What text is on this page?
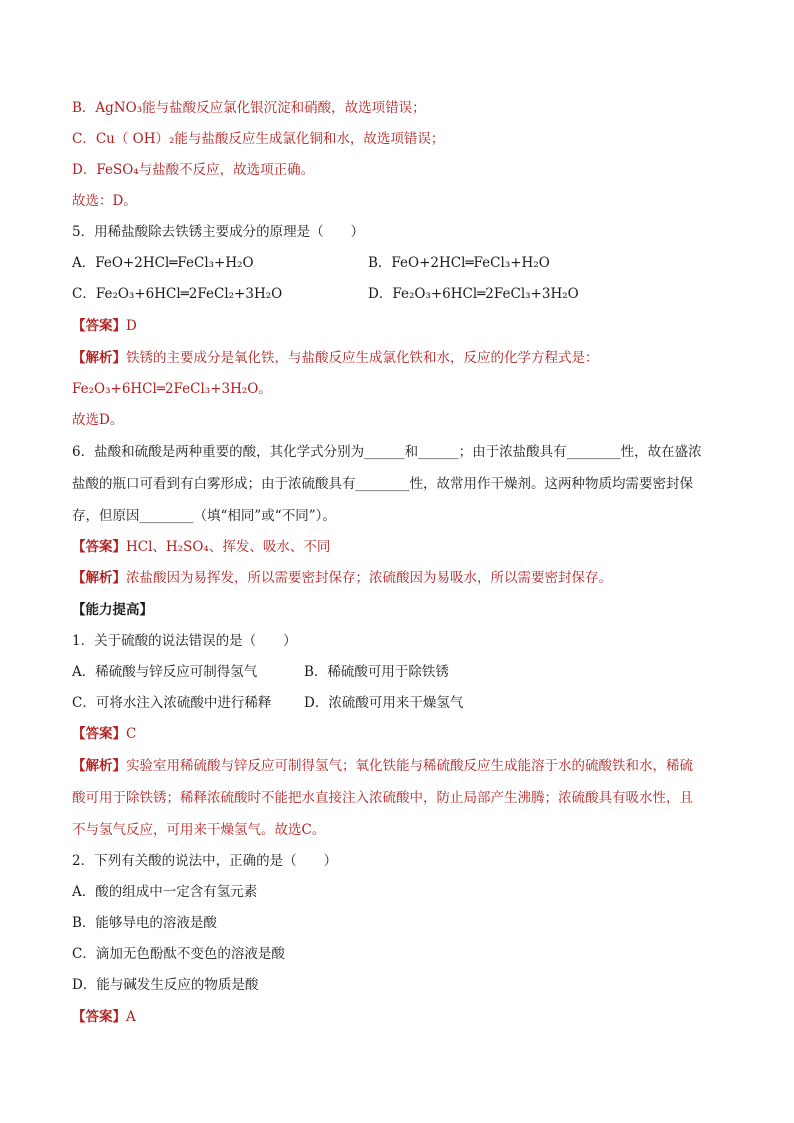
B．AgNO₃能与盐酸反应氯化银沉淀和硝酸，故选项错误；
C．Cu（ OH）₂能与盐酸反应生成氯化铜和水，故选项错误；
D．FeSO₄与盐酸不反应，故选项正确。
故选：D。
5．用稀盐酸除去铁锈主要成分的原理是（　　）
A．FeO+2HCl═FeCl₃+H₂O	B．FeO+2HCl═FeCl₃+H₂O
C．Fe₂O₃+6HCl═2FeCl₂+3H₂O	D．Fe₂O₃+6HCl═2FeCl₃+3H₂O
【答案】D
【解析】铁锈的主要成分是氧化铁，与盐酸反应生成氯化铁和水，反应的化学方程式是：
Fe₂O₃+6HCl═2FeCl₃+3H₂O。
故选D。
6．盐酸和硫酸是两种重要的酸，其化学式分别为______和______；由于浓盐酸具有________性，故在盛浓
盐酸的瓶口可看到有白雾形成；由于浓硫酸具有________性，故常用作干燥剂。这两种物质均需要密封保
存，但原因________（填“相同”或“不同”）。
【答案】HCl、H₂SO₄、挥发、吸水、不同
【解析】浓盐酸因为易挥发，所以需要密封保存；浓硫酸因为易吸水，所以需要密封保存。
【能力提高】
1．关于硫酸的说法错误的是（　　）
A．稀硫酸与锌反应可制得氢气	B．稀硫酸可用于除铁锈
C．可将水注入浓硫酸中进行稀释 D．浓硫酸可用来干燥氢气
【答案】C
【解析】实验室用稀硫酸与锌反应可制得氢气；氧化铁能与稀硫酸反应生成能溶于水的硫酸铁和水，稀硫
酸可用于除铁锈；稀释浓硫酸时不能把水直接注入浓硫酸中，防止局部产生沸腾；浓硫酸具有吸水性，且
不与氢气反应，可用来干燥氢气。故选C。
2．下列有关酸的说法中，正确的是（　　）
A．酸的组成中一定含有氢元素
B．能够导电的溶液是酸
C．滴加无色酚酞不变色的溶液是酸
D．能与碱发生反应的物质是酸
【答案】A
